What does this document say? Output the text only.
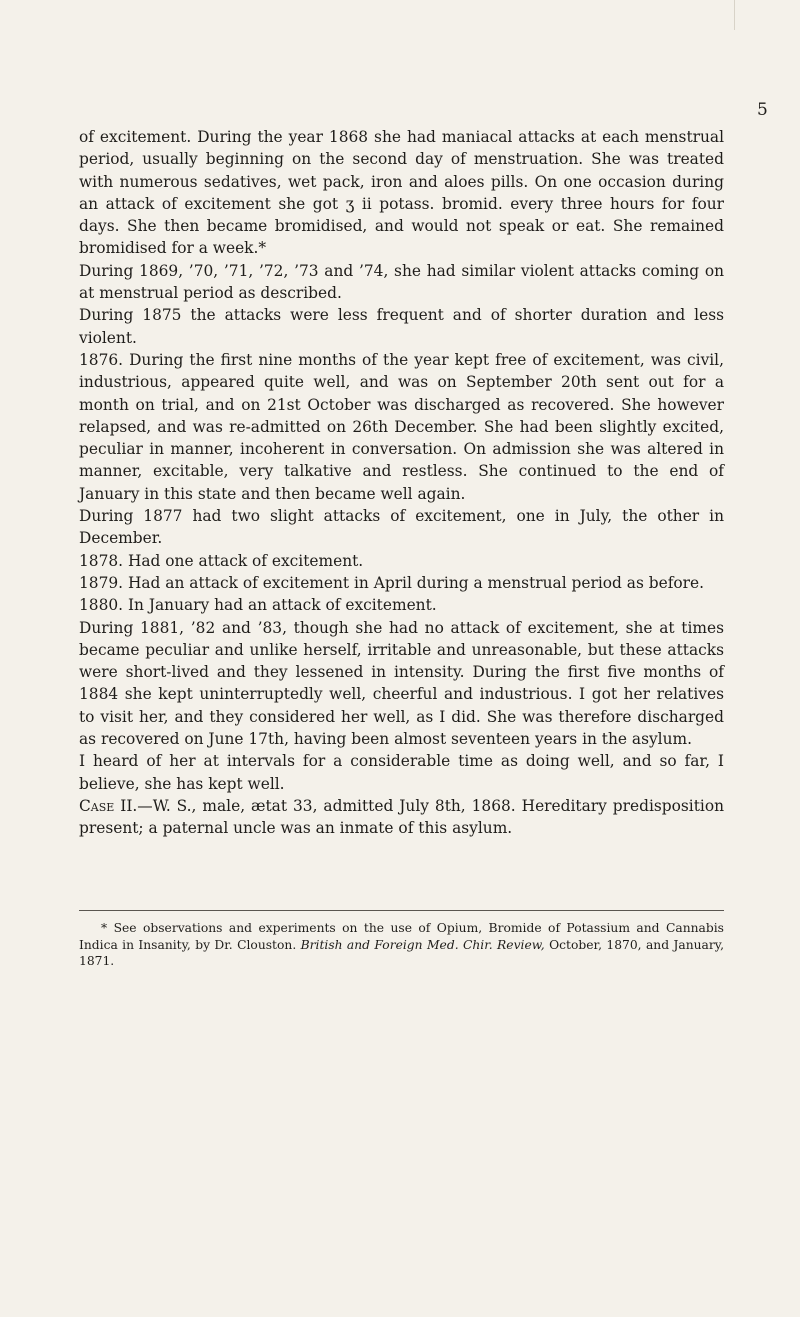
5

of excitement. During the year 1868 she had maniacal attacks at each menstrual period, usually beginning on the second day of menstruation. She was treated with numerous sedatives, wet pack, iron and aloes pills. On one occasion during an attack of excitement she got ʒ ii potass. bromid. every three hours for four days. She then became bromidised, and would not speak or eat. She remained bromidised for a week.*

During 1869, ’70, ’71, ’72, ’73 and ’74, she had similar violent attacks coming on at menstrual period as described.

During 1875 the attacks were less frequent and of shorter duration and less violent.

1876. During the first nine months of the year kept free of excitement, was civil, industrious, appeared quite well, and was on September 20th sent out for a month on trial, and on 21st October was discharged as recovered. She however relapsed, and was re-admitted on 26th December. She had been slightly excited, peculiar in manner, incoherent in conversation. On admission she was altered in manner, excitable, very talkative and restless. She continued to the end of January in this state and then became well again.

During 1877 had two slight attacks of excitement, one in July, the other in December.

1878. Had one attack of excitement.

1879. Had an attack of excitement in April during a menstrual period as before.

1880. In January had an attack of excitement.

During 1881, ’82 and ’83, though she had no attack of excitement, she at times became peculiar and unlike herself, irritable and unreasonable, but these attacks were short-lived and they lessened in intensity. During the first five months of 1884 she kept uninterruptedly well, cheerful and industrious. I got her relatives to visit her, and they considered her well, as I did. She was therefore discharged as recovered on June 17th, having been almost seventeen years in the asylum.

I heard of her at intervals for a considerable time as doing well, and so far, I believe, she has kept well.

Case II.—W. S., male, ætat 33, admitted July 8th, 1868. Hereditary predisposition present; a paternal uncle was an inmate of this asylum.

* See observations and experiments on the use of Opium, Bromide of Potassium and Cannabis Indica in Insanity, by Dr. Clouston. British and Foreign Med. Chir. Review, October, 1870, and January, 1871.
